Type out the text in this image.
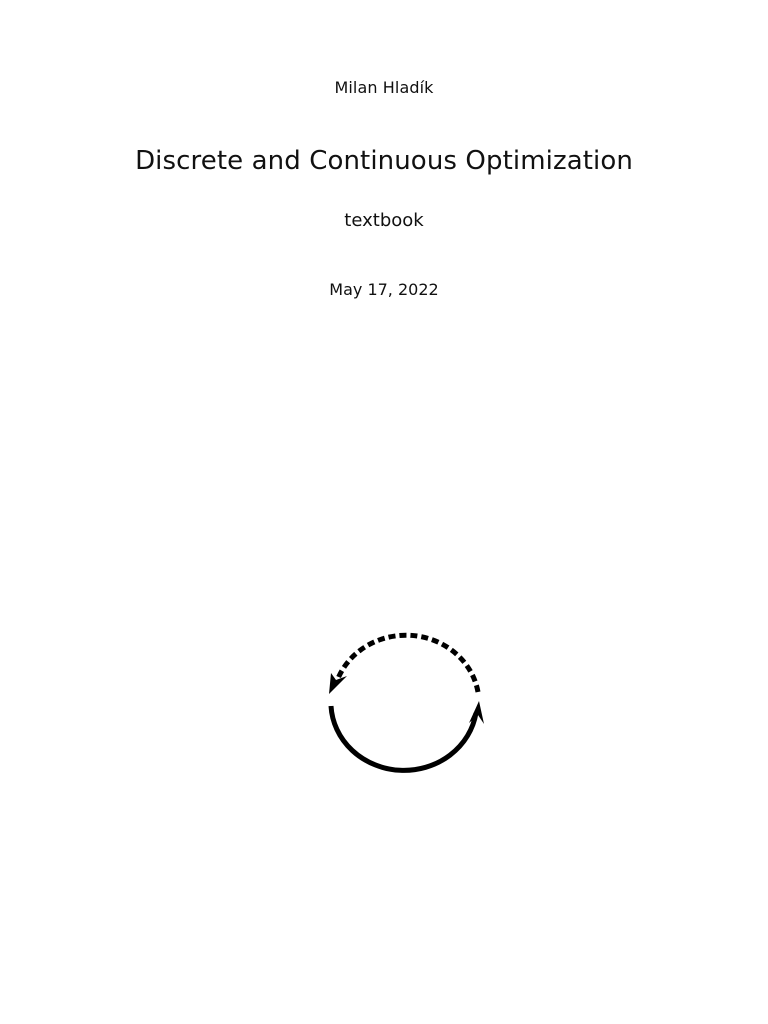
Milan Hladík
Discrete and Continuous Optimization
textbook
May 17, 2022
